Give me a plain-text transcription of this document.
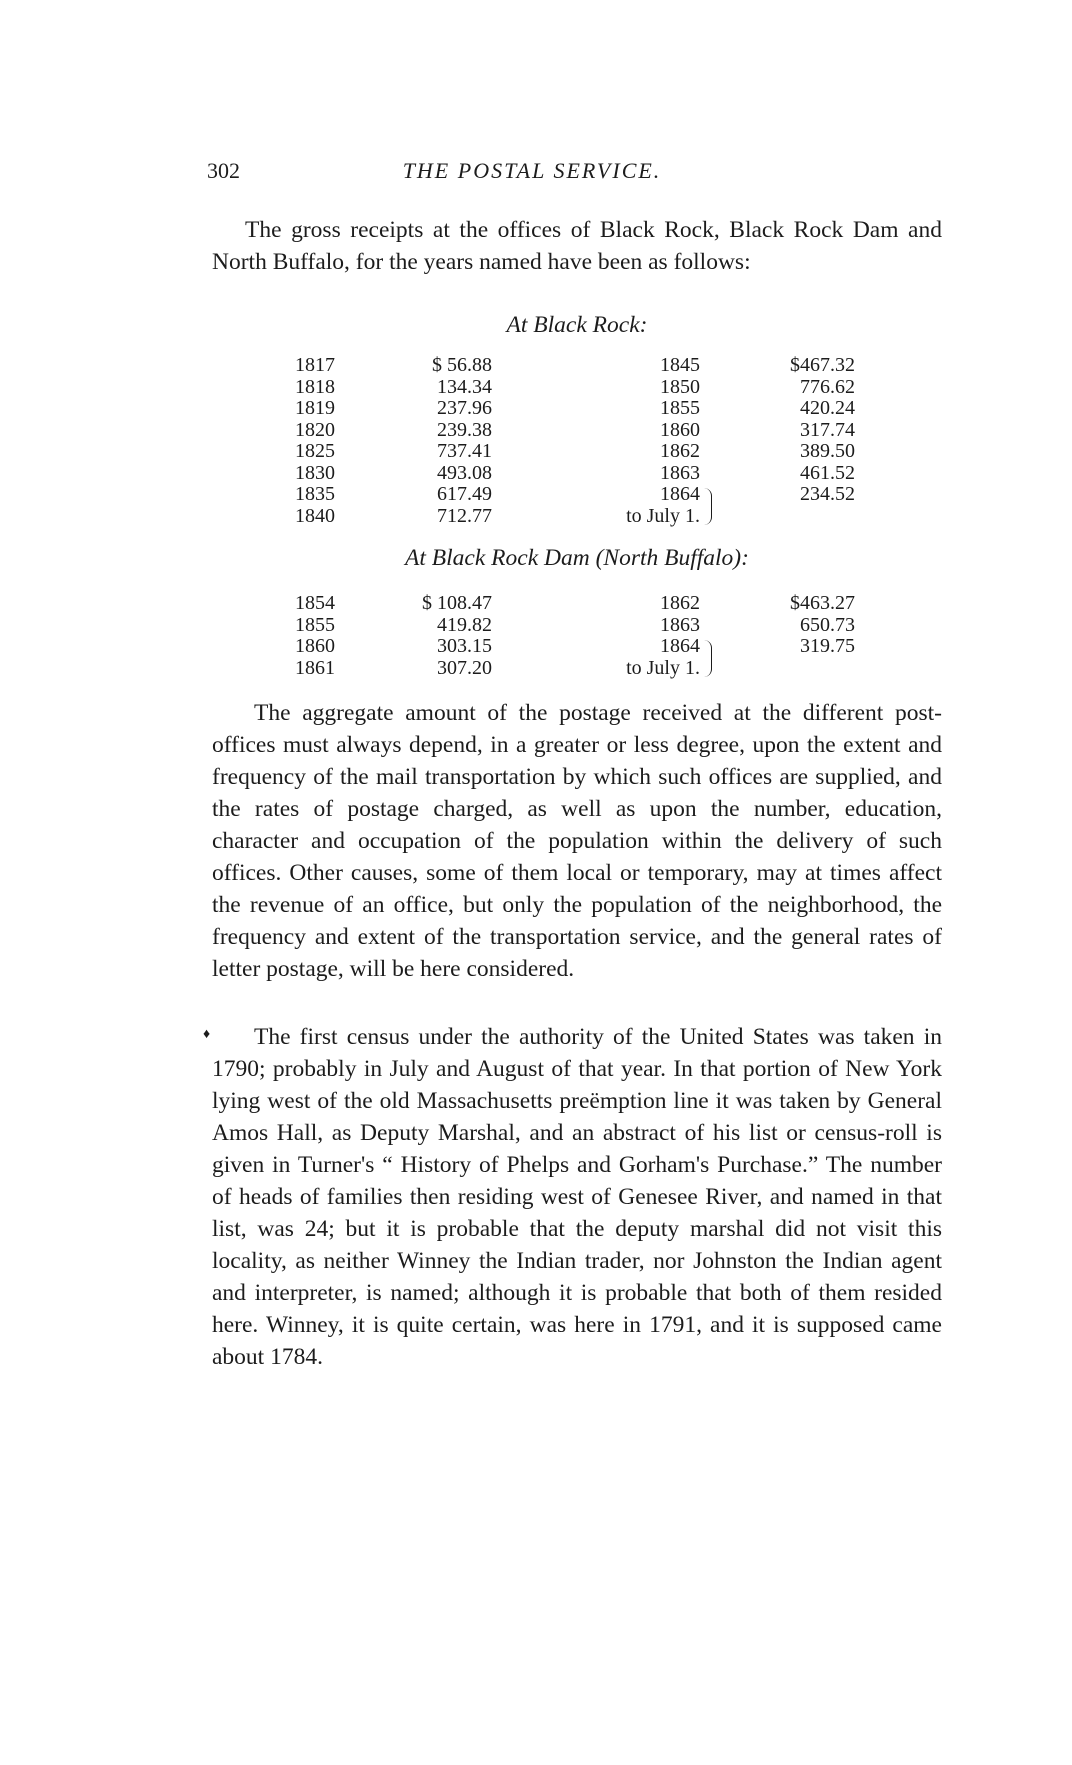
302	THE POSTAL SERVICE.

The gross receipts at the offices of Black Rock, Black Rock Dam and North Buffalo, for the years named have been as follows:

At Black Rock:
1817	$ 56.88	1845	$467.32
1818	134.34	1850	776.62
1819	237.96	1855	420.24
1820	239.38	1860	317.74
1825	737.41	1862	389.50
1830	493.08	1863	461.52
1835	617.49	1864	234.52
1840	712.77	to July 1.
At Black Rock Dam (North Buffalo):
1854	$ 108.47	1862	$463.27
1855	419.82	1863	650.73
1860	303.15	1864	319.75
1861	307.20	to July 1.

The aggregate amount of the postage received at the different post-offices must always depend, in a greater or less degree, upon the extent and frequency of the mail transportation by which such offices are supplied, and the rates of postage charged, as well as upon the number, education, character and occupation of the population within the delivery of such offices. Other causes, some of them local or temporary, may at times affect the revenue of an office, but only the population of the neighborhood, the frequency and extent of the transportation service, and the general rates of letter postage, will be here considered.

The first census under the authority of the United States was taken in 1790; probably in July and August of that year. In that portion of New York lying west of the old Massachusetts preëmption line it was taken by General Amos Hall, as Deputy Marshal, and an abstract of his list or census-roll is given in Turner's “ History of Phelps and Gorham's Purchase.” The number of heads of families then residing west of Genesee River, and named in that list, was 24; but it is probable that the deputy marshal did not visit this locality, as neither Winney the Indian trader, nor Johnston the Indian agent and interpreter, is named; although it is probable that both of them resided here. Winney, it is quite certain, was here in 1791, and it is supposed came about 1784.

♦
